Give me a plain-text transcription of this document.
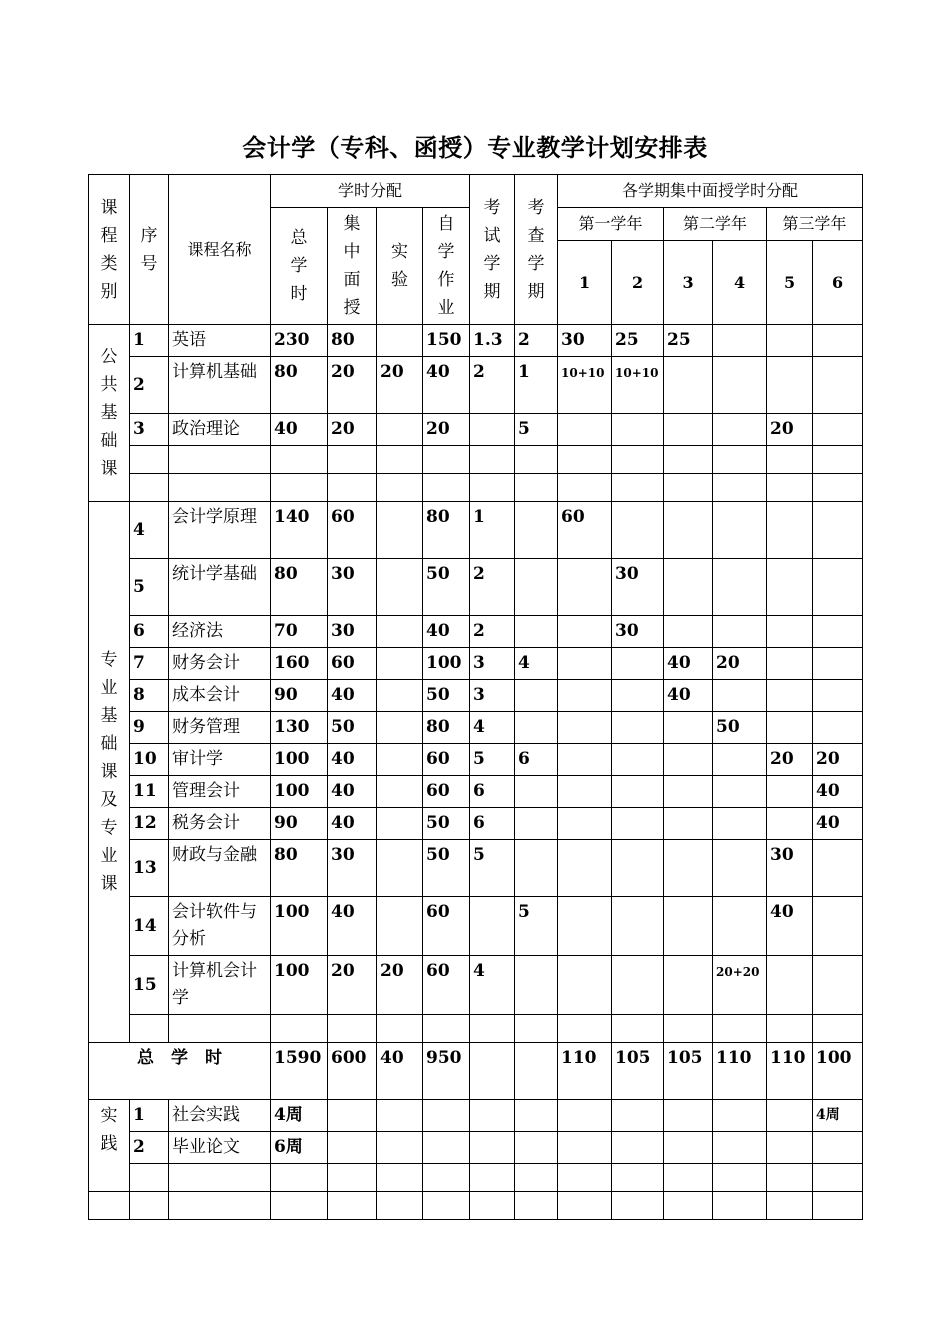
会计学（专科、函授）专业教学计划安排表
课程类别	序号	课程名称	学时分配				考试学期	考查学期	各学期集中面授学时分配					
			总学时	集中面授	实验	自学作业			第一学年		第二学年		第三学年	
									1	2	3	4	5	6
公共基础课	1	英语	230	80		150	1.3	2	30	25	25			
	2	计算机基础	80	20	20	40	2	1	10+10	10+10				
	3	政治理论	40	20		20		5					20	

专业基础课及专业课	4	会计学原理	140	60		80	1		60					
	5	统计学基础	80	30		50	2			30				
	6	经济法	70	30		40	2			30				
	7	财务会计	160	60		100	3	4			40	20		
	8	成本会计	90	40		50	3				40			
	9	财务管理	130	50		80	4					50		
	10	审计学	100	40		60	5	6					20	20
	11	管理会计	100	40		60	6							40
	12	税务会计	90	40		50	6							40
	13	财政与金融	80	30		50	5						30	
	14	会计软件与分析	100	40		60		5					40	
	15	计算机会计学	100	20	20	60	4					20+20		

总　学　时			1590	600	40	950			110	105	105	110	110	100
实践	1	社会实践	4周											4周
	2	毕业论文	6周											
